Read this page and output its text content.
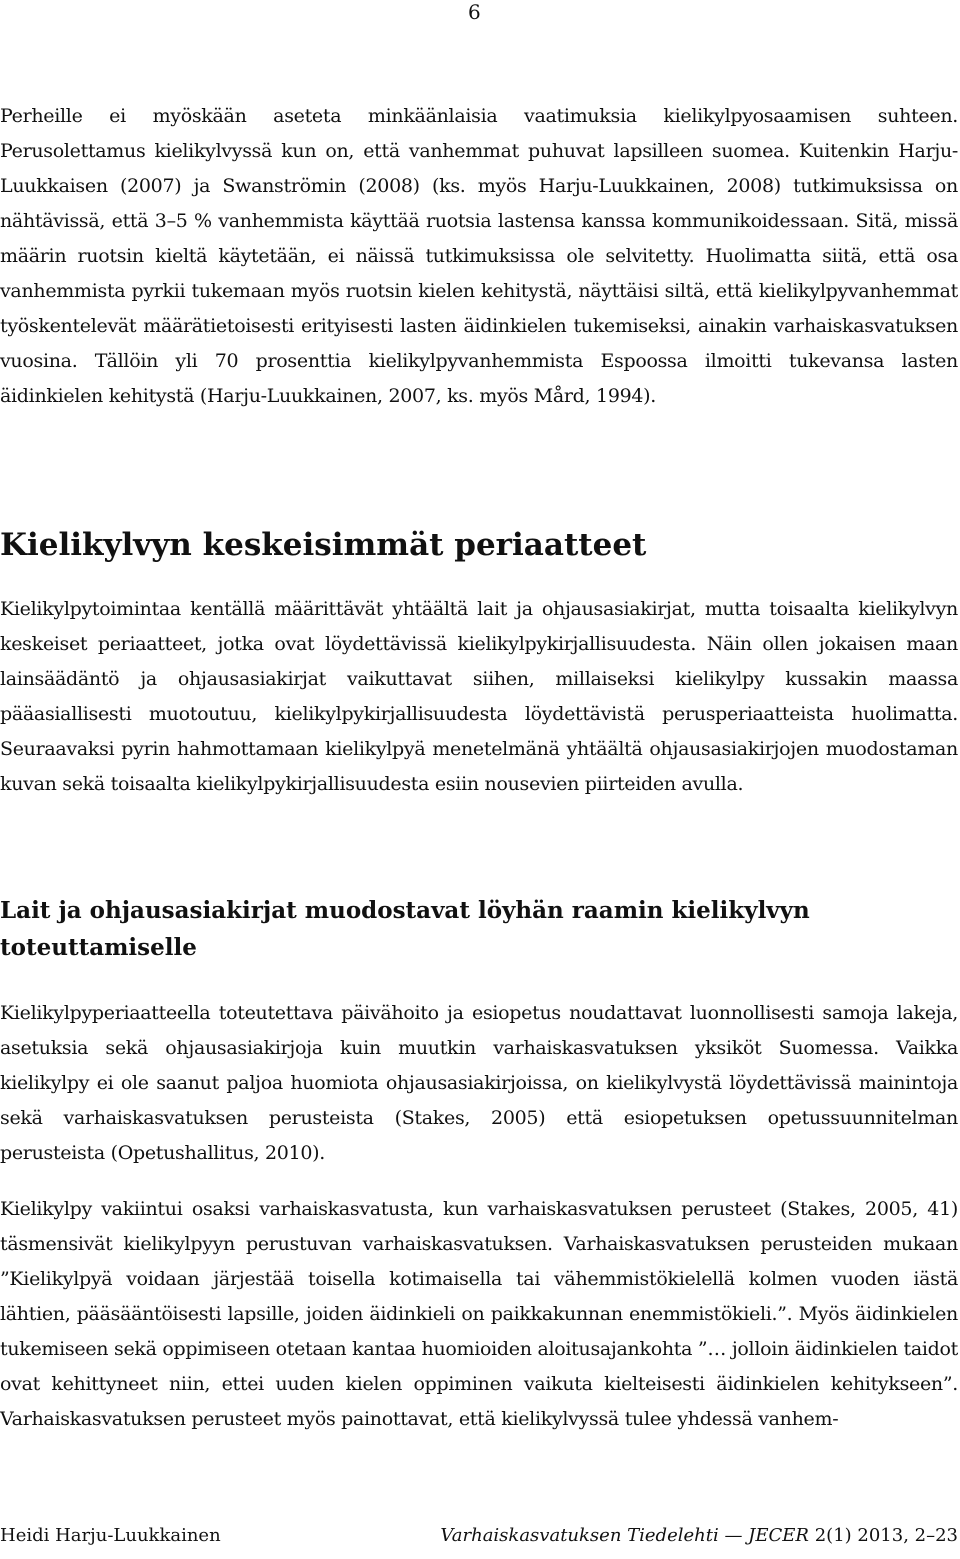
6

Perheille ei myöskään aseteta minkäänlaisia vaatimuksia kielikylpyosaamisen suhteen. Perusolettamus kielikylvyssä kun on, että vanhemmat puhuvat lapsilleen suomea. Kuitenkin Harju-Luukkaisen (2007) ja Swanströmin (2008) (ks. myös Harju-Luukkainen, 2008) tutkimuksissa on nähtävissä, että 3–5 % vanhemmista käyttää ruotsia lastensa kanssa kommunikoidessaan. Sitä, missä määrin ruotsin kieltä käytetään, ei näissä tutkimuksissa ole selvitetty. Huolimatta siitä, että osa vanhemmista pyrkii tukemaan myös ruotsin kielen kehitystä, näyttäisi siltä, että kielikylpyvanhemmat työskentelevät määrätietoisesti erityisesti lasten äidinkielen tukemiseksi, ainakin varhaiskasvatuksen vuosina. Tällöin yli 70 prosenttia kielikylpyvanhemmista Espoossa ilmoitti tukevansa lasten äidinkielen kehitystä (Harju-Luukkainen, 2007, ks. myös Mård, 1994).

Kielikylvyn keskeisimmät periaatteet

Kielikylpytoimintaa kentällä määrittävät yhtäältä lait ja ohjausasiakirjat, mutta toisaalta kielikylvyn keskeiset periaatteet, jotka ovat löydettävissä kielikylpykirjallisuudesta. Näin ollen jokaisen maan lainsäädäntö ja ohjausasiakirjat vaikuttavat siihen, millaiseksi kielikylpy kussakin maassa pääasiallisesti muotoutuu, kielikylpykirjallisuudesta löydettävistä perusperiaatteista huolimatta. Seuraavaksi pyrin hahmottamaan kielikylpyä menetelmänä yhtäältä ohjausasiakirjojen muodostaman kuvan sekä toisaalta kielikylpykirjallisuudesta esiin nousevien piirteiden avulla.

Lait ja ohjausasiakirjat muodostavat löyhän raamin kielikylvyn toteuttamiselle

Kielikylpyperiaatteella toteutettava päivähoito ja esiopetus noudattavat luonnollisesti samoja lakeja, asetuksia sekä ohjausasiakirjoja kuin muutkin varhaiskasvatuksen yksiköt Suomessa. Vaikka kielikylpy ei ole saanut paljoa huomiota ohjausasiakirjoissa, on kielikylvystä löydettävissä mainintoja sekä varhaiskasvatuksen perusteista (Stakes, 2005) että esiopetuksen opetussuunnitelman perusteista (Opetushallitus, 2010).

Kielikylpy vakiintui osaksi varhaiskasvatusta, kun varhaiskasvatuksen perusteet (Stakes, 2005, 41) täsmensivät kielikylpyyn perustuvan varhaiskasvatuksen. Varhaiskasvatuksen perusteiden mukaan ”Kielikylpyä voidaan järjestää toisella kotimaisella tai vähemmistökielellä kolmen vuoden iästä lähtien, pääsääntöisesti lapsille, joiden äidinkieli on paikkakunnan enemmistökieli.”. Myös äidinkielen tukemiseen sekä oppimiseen otetaan kantaa huomioiden aloitusajankohta ”… jolloin äidinkielen taidot ovat kehittyneet niin, ettei uuden kielen oppiminen vaikuta kielteisesti äidinkielen kehitykseen”. Varhaiskasvatuksen perusteet myös painottavat, että kielikylvyssä tulee yhdessä vanhem-

Heidi Harju-Luukkainen	Varhaiskasvatuksen Tiedelehti — JECER 2(1) 2013, 2–23
